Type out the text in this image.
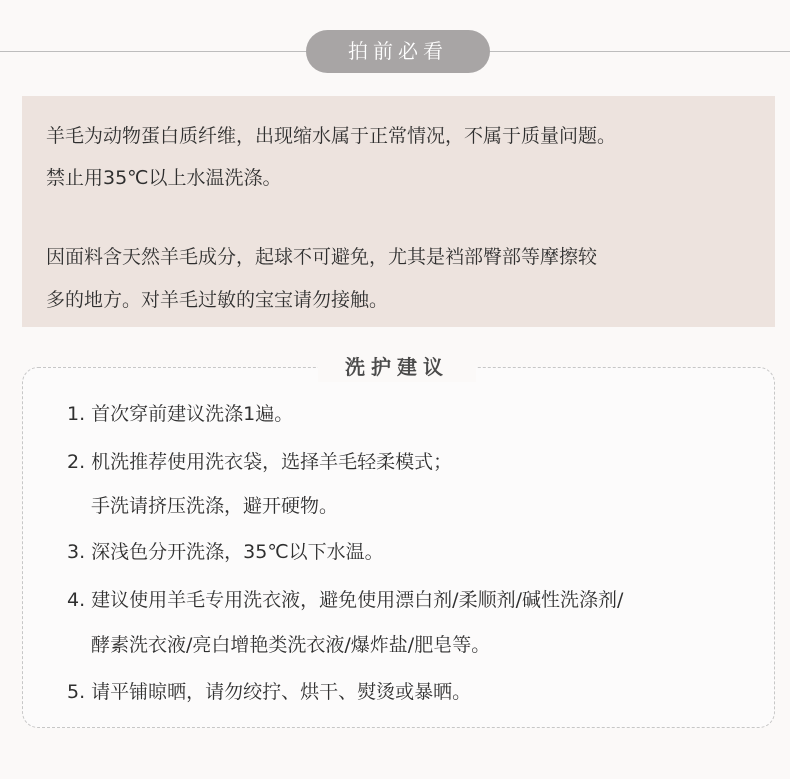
拍前必看
羊毛为动物蛋白质纤维，出现缩水属于正常情况，不属于质量问题。
禁止用35℃以上水温洗涤。
因面料含天然羊毛成分，起球不可避免，尤其是裆部臀部等摩擦较
多的地方。对羊毛过敏的宝宝请勿接触。
洗护建议
1. 首次穿前建议洗涤1遍。
2. 机洗推荐使用洗衣袋，选择羊毛轻柔模式；
手洗请挤压洗涤，避开硬物。
3. 深浅色分开洗涤，35℃以下水温。
4. 建议使用羊毛专用洗衣液，避免使用漂白剂/柔顺剂/碱性洗涤剂/
酵素洗衣液/亮白增艳类洗衣液/爆炸盐/肥皂等。
5. 请平铺晾晒，请勿绞拧、烘干、熨烫或暴晒。
